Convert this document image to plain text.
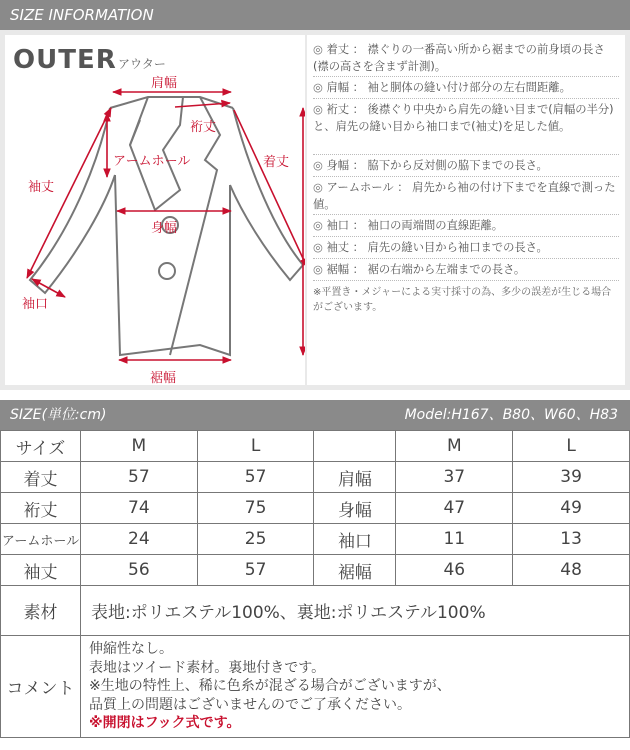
SIZE INFORMATION
OUTER アウター
肩幅
裄丈
アームホール	着丈
袖丈
身幅
袖口
裾幅
◎ 着丈 ： 襟ぐりの一番高い所から裾までの前身頃の長さ(襟の高さを含まず計測)。
◎ 肩幅 ： 袖と胴体の縫い付け部分の左右間距離。
◎ 裄丈 ： 後襟ぐり中央から肩先の縫い目まで(肩幅の半分)と、肩先の縫い目から袖口まで(袖丈)を足した値。
◎ 身幅 ： 脇下から反対側の脇下までの長さ。
◎ アームホール ： 肩先から袖の付け下までを直線で測った値。
◎ 袖口 ： 袖口の両端間の直線距離。
◎ 袖丈 ： 肩先の縫い目から袖口までの長さ。
◎ 裾幅 ： 裾の右端から左端までの長さ。
※平置き・メジャーによる実寸採寸の為、多少の誤差が生じる場合がございます。
SIZE(単位:cm)	Model:H167、B80、W60、H83
サイズ	M	L		M	L
着丈	57	57	肩幅	37	39
裄丈	74	75	身幅	47	49
アームホール	24	25	袖口	11	13
袖丈	56	57	裾幅	46	48
素材	表地:ポリエステル100%、裏地:ポリエステル100%				
コメント	伸縮性なし。
表地はツイード素材。裏地付きです。
※生地の特性上、稀に色糸が混ざる場合がございますが、
品質上の問題はございませんのでご了承ください。
※開閉はフック式です。				
